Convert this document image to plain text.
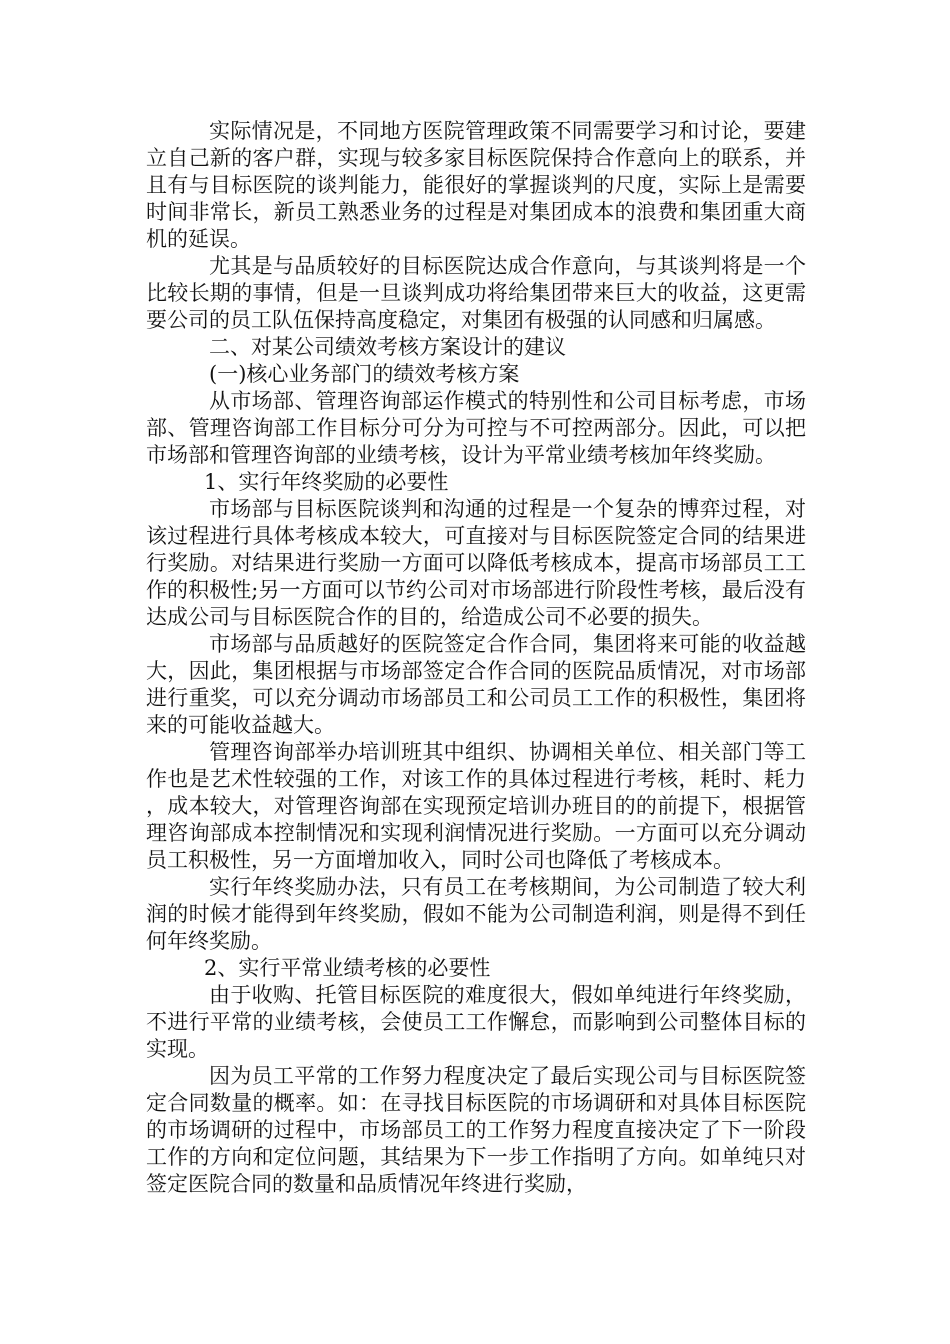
实际情况是，不同地方医院管理政策不同需要学习和讨论，要建立自己新的客户群，实现与较多家目标医院保持合作意向上的联系，并且有与目标医院的谈判能力，能很好的掌握谈判的尺度，实际上是需要时间非常长，新员工熟悉业务的过程是对集团成本的浪费和集团重大商机的延误。

尤其是与品质较好的目标医院达成合作意向，与其谈判将是一个比较长期的事情，但是一旦谈判成功将给集团带来巨大的收益，这更需要公司的员工队伍保持高度稳定，对集团有极强的认同感和归属感。

二、对某公司绩效考核方案设计的建议

(一)核心业务部门的绩效考核方案

从市场部、管理咨询部运作模式的特别性和公司目标考虑，市场部、管理咨询部工作目标分可分为可控与不可控两部分。因此，可以把市场部和管理咨询部的业绩考核，设计为平常业绩考核加年终奖励。

1、实行年终奖励的必要性

市场部与目标医院谈判和沟通的过程是一个复杂的博弈过程，对该过程进行具体考核成本较大，可直接对与目标医院签定合同的结果进行奖励。对结果进行奖励一方面可以降低考核成本，提高市场部员工工作的积极性;另一方面可以节约公司对市场部进行阶段性考核，最后没有达成公司与目标医院合作的目的，给造成公司不必要的损失。

市场部与品质越好的医院签定合作合同，集团将来可能的收益越大，因此，集团根据与市场部签定合作合同的医院品质情况，对市场部进行重奖，可以充分调动市场部员工和公司员工工作的积极性，集团将来的可能收益越大。

管理咨询部举办培训班其中组织、协调相关单位、相关部门等工作也是艺术性较强的工作，对该工作的具体过程进行考核，耗时、耗力，成本较大，对管理咨询部在实现预定培训办班目的的前提下，根据管理咨询部成本控制情况和实现利润情况进行奖励。一方面可以充分调动员工积极性，另一方面增加收入，同时公司也降低了考核成本。

实行年终奖励办法，只有员工在考核期间，为公司制造了较大利润的时候才能得到年终奖励，假如不能为公司制造利润，则是得不到任何年终奖励。

2、实行平常业绩考核的必要性

由于收购、托管目标医院的难度很大，假如单纯进行年终奖励，不进行平常的业绩考核，会使员工工作懈怠，而影响到公司整体目标的实现。

因为员工平常的工作努力程度决定了最后实现公司与目标医院签定合同数量的概率。如：在寻找目标医院的市场调研和对具体目标医院的市场调研的过程中，市场部员工的工作努力程度直接决定了下一阶段工作的方向和定位问题，其结果为下一步工作指明了方向。如单纯只对签定医院合同的数量和品质情况年终进行奖励，
